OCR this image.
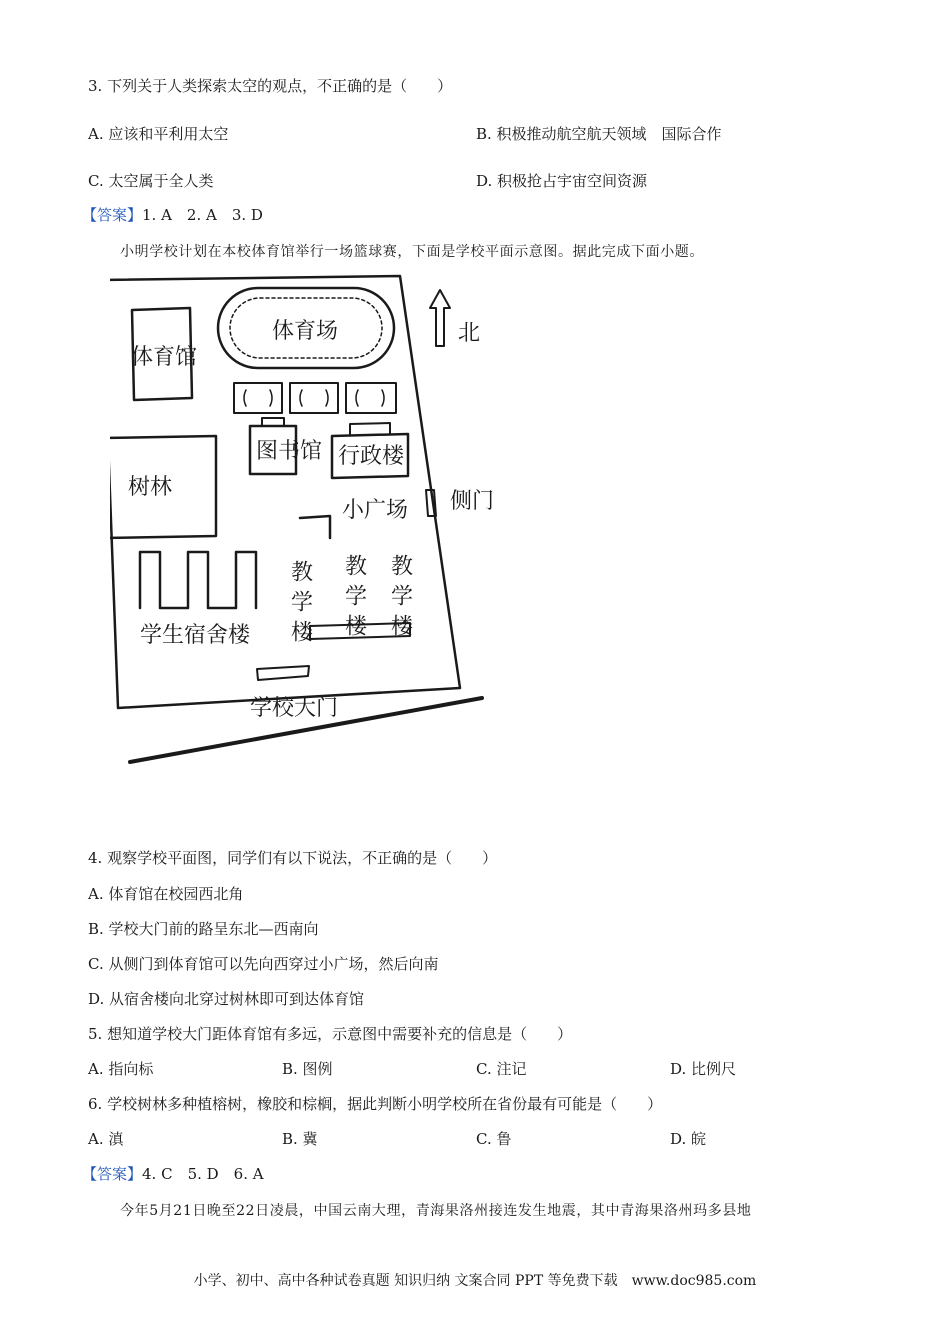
3. 下列关于人类探索太空的观点，不正确的是（　　）
A. 应该和平利用太空	B. 积极推动航空航天领域　国际合作
C. 太空属于全人类	D. 积极抢占宇宙空间资源
【答案】1. A　2. A　3. D
小明学校计划在本校体育馆举行一场篮球赛，下面是学校平面示意图。据此完成下面小题。
体育馆
体育场
图书馆 行政楼
树林
侧门
小广场
北
学生宿舍楼
学校大门
教学楼 教学楼 教学楼
4. 观察学校平面图，同学们有以下说法，不正确的是（　　）
A. 体育馆在校园西北角
B. 学校大门前的路呈东北—西南向
C. 从侧门到体育馆可以先向西穿过小广场，然后向南
D. 从宿舍楼向北穿过树林即可到达体育馆
5. 想知道学校大门距体育馆有多远，示意图中需要补充的信息是（　　）
A. 指向标	B. 图例	C. 注记	D. 比例尺
6. 学校树林多种植榕树，橡胶和棕榈，据此判断小明学校所在省份最有可能是（　　）
A. 滇	B. 冀	C. 鲁	D. 皖
【答案】4. C　5. D　6. A
今年5月21日晚至22日凌晨，中国云南大理，青海果洛州接连发生地震，其中青海果洛州玛多县地
小学、初中、高中各种试卷真题 知识归纳 文案合同 PPT 等免费下载　www.doc985.com
